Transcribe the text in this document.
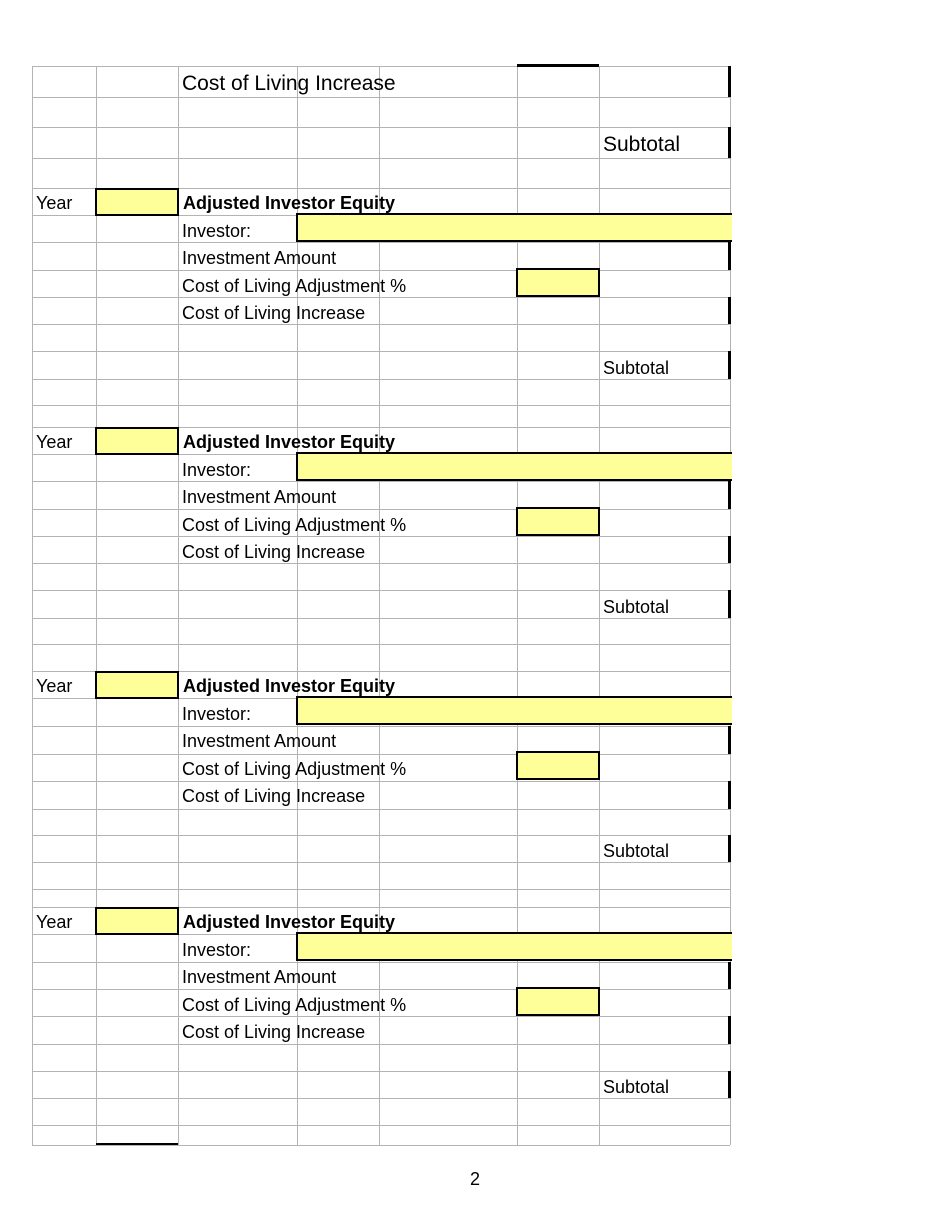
Cost of Living Increase
Subtotal
Year	Adjusted Investor Equity
Investor:
Investment Amount
Cost of Living Adjustment %
Cost of Living Increase
Subtotal
Year	Adjusted Investor Equity
Investor:
Investment Amount
Cost of Living Adjustment %
Cost of Living Increase
Subtotal
Year	Adjusted Investor Equity
Investor:
Investment Amount
Cost of Living Adjustment %
Cost of Living Increase
Subtotal
Year	Adjusted Investor Equity
Investor:
Investment Amount
Cost of Living Adjustment %
Cost of Living Increase
Subtotal
2
